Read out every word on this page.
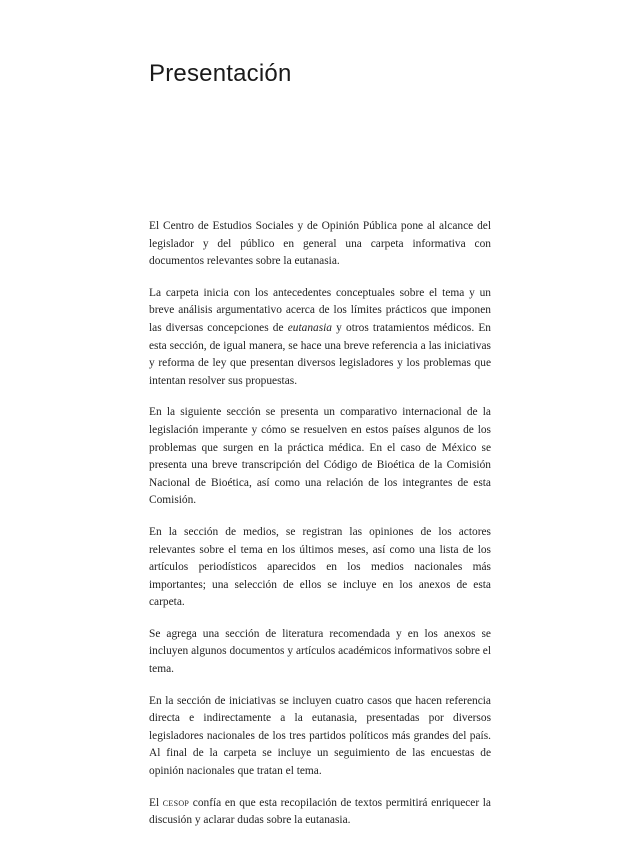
Presentación

El Centro de Estudios Sociales y de Opinión Pública pone al alcance del legislador y del público en general una carpeta informativa con documentos relevantes sobre la eutanasia.

La carpeta inicia con los antecedentes conceptuales sobre el tema y un breve análisis argumentativo acerca de los límites prácticos que imponen las diversas concepciones de eutanasia y otros tratamientos médicos. En esta sección, de igual manera, se hace una breve referencia a las iniciativas y reforma de ley que presentan diversos legisladores y los problemas que intentan resolver sus propuestas.

En la siguiente sección se presenta un comparativo internacional de la legislación imperante y cómo se resuelven en estos países algunos de los problemas que surgen en la práctica médica. En el caso de México se presenta una breve transcripción del Código de Bioética de la Comisión Nacional de Bioética, así como una relación de los integrantes de esta Comisión.

En la sección de medios, se registran las opiniones de los actores relevantes sobre el tema en los últimos meses, así como una lista de los artículos periodísticos aparecidos en los medios nacionales más importantes; una selección de ellos se incluye en los anexos de esta carpeta.

Se agrega una sección de literatura recomendada y en los anexos se incluyen algunos documentos y artículos académicos informativos sobre el tema.

En la sección de iniciativas se incluyen cuatro casos que hacen referencia directa e indirectamente a la eutanasia, presentadas por diversos legisladores nacionales de los tres partidos políticos más grandes del país. Al final de la carpeta se incluye un seguimiento de las encuestas de opinión nacionales que tratan el tema.

El cesop confía en que esta recopilación de textos permitirá enriquecer la discusión y aclarar dudas sobre la eutanasia.
